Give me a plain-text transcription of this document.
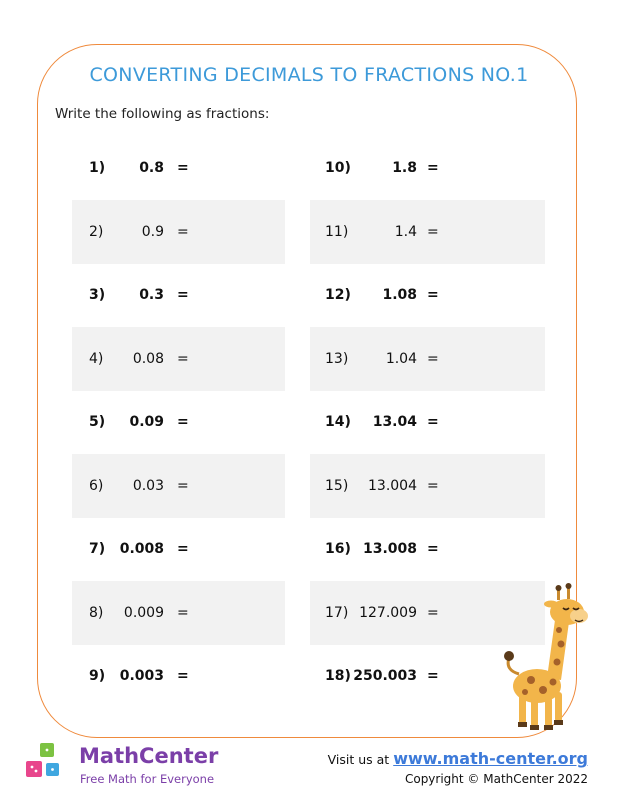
CONVERTING DECIMALS TO FRACTIONS NO.1
Write the following as fractions:
1) 0.8 =
2)	0.9 =
3) 0.3 =
4) 0.08 =
5) 0.09 =
6) 0.03 =
7) 0.008 =
8) 0.009 =
9) 0.003 =
10)	1.8 =
11)	1.4 =
12) 1.08 =
13)	1.04 =
14) 13.04 =
15) 13.004 =
16) 13.008 =
17) 127.009 =
18) 250.003 =
MathCenter
Free Math for Everyone
Visit us at www.math-center.org
Copyright © MathCenter 2022
